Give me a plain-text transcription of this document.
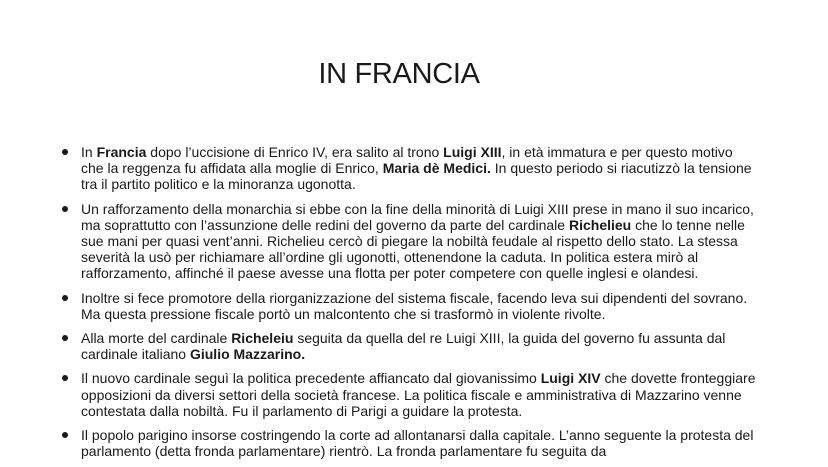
IN FRANCIA
In Francia dopo l’uccisione di Enrico IV, era salito al trono Luigi XIII, in età immatura e per questo motivo che la reggenza fu affidata alla moglie di Enrico, Maria dè Medici. In questo periodo si riacutizzò la tensione tra il partito politico e la minoranza ugonotta.
Un rafforzamento della monarchia si ebbe con la fine della minorità di Luigi XIII prese in mano il suo incarico, ma soprattutto con l’assunzione delle redini del governo da parte del cardinale Richelieu che lo tenne nelle sue mani per quasi vent’anni. Richelieu cercò di piegare la nobiltà feudale al rispetto dello stato. La stessa severità la usò per richiamare all’ordine gli ugonotti, ottenendone la caduta. In politica estera mirò al rafforzamento, affinché il paese avesse una flotta per poter competere con quelle inglesi e olandesi.
Inoltre si fece promotore della riorganizzazione del sistema fiscale, facendo leva sui dipendenti del sovrano. Ma questa pressione fiscale portò un malcontento che si trasformò in violente rivolte.
Alla morte del cardinale Richeleiu seguita da quella del re Luigi XIII, la guida del governo fu assunta dal cardinale italiano Giulio Mazzarino.
Il nuovo cardinale seguì la politica precedente affiancato dal giovanissimo Luigi XIV che dovette fronteggiare opposizioni da diversi settori della società francese. La politica fiscale e amministrativa di Mazzarino venne contestata dalla nobiltà. Fu il parlamento di Parigi a guidare la protesta.
Il popolo parigino insorse costringendo la corte ad allontanarsi dalla capitale. L’anno seguente la protesta del parlamento (detta fronda parlamentare) rientrò. La fronda parlamentare fu seguita da
